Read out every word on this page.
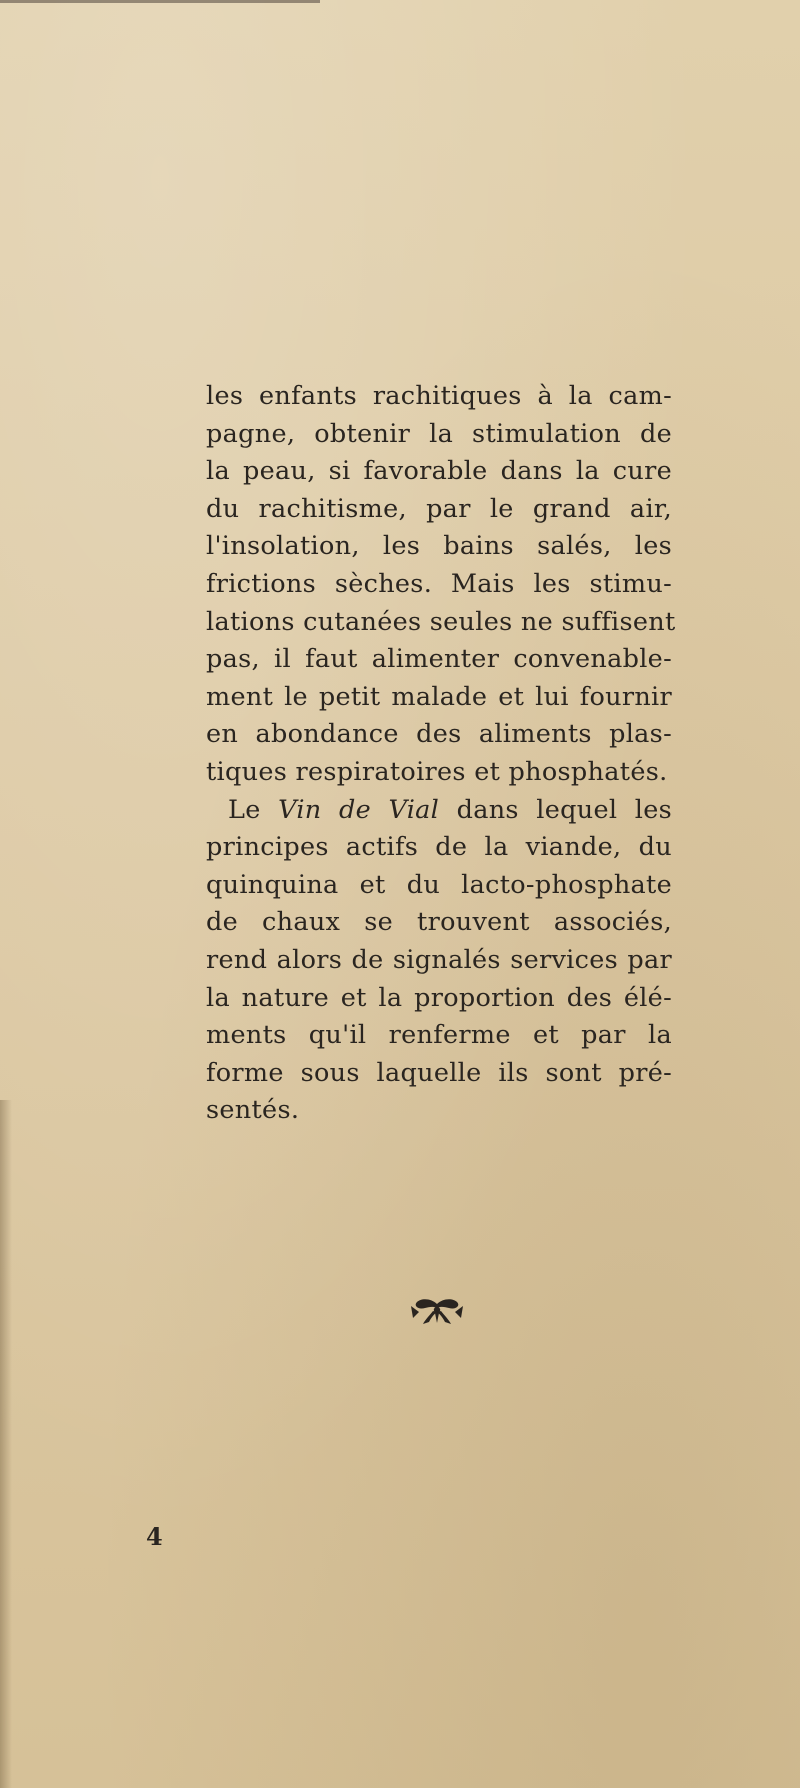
les enfants rachitiques à la cam-
pagne, obtenir la stimulation de
la peau, si favorable dans la cure
du rachitisme, par le grand air,
l'insolation, les bains salés, les
frictions sèches. Mais les stimu-
lations cutanées seules ne suffisent
pas, il faut alimenter convenable-
ment le petit malade et lui fournir
en abondance des aliments plas-
tiques respiratoires et phosphatés.
Le Vin de Vial dans lequel les
principes actifs de la viande, du
quinquina et du lacto-phosphate
de chaux se trouvent associés,
rend alors de signalés services par
la nature et la proportion des élé-
ments qu'il renferme et par la
forme sous laquelle ils sont pré-
sentés.
4
